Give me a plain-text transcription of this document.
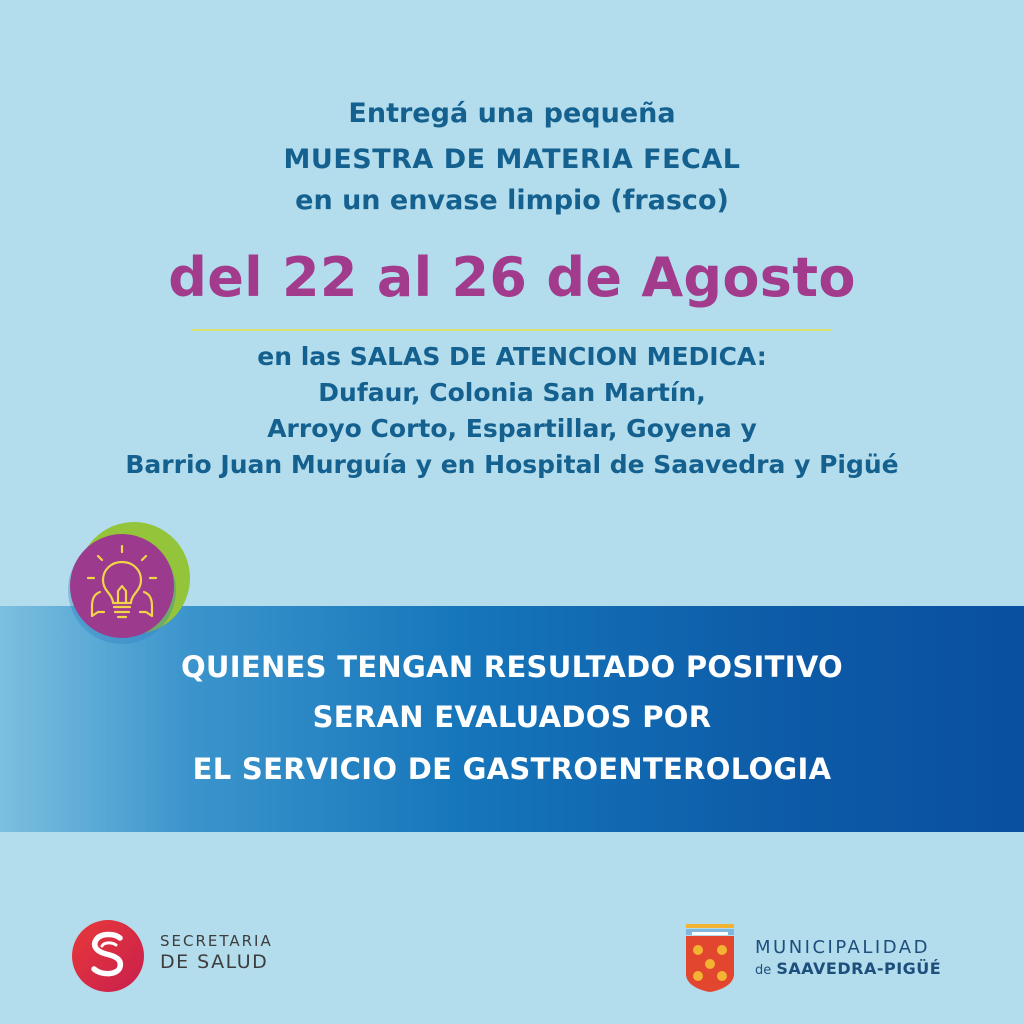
Entregá una pequeña
MUESTRA DE MATERIA FECAL
en un envase limpio (frasco)
del 22 al 26 de Agosto
en las SALAS DE ATENCION MEDICA:
Dufaur, Colonia San Martín,
Arroyo Corto, Espartillar, Goyena y
Barrio Juan Murguía y en Hospital de Saavedra y Pigüé
QUIENES TENGAN RESULTADO POSITIVO
SERAN EVALUADOS POR
EL SERVICIO DE GASTROENTEROLOGIA
SECRETARIA
DE SALUD
MUNICIPALIDAD
de SAAVEDRA-PIGÜÉ
